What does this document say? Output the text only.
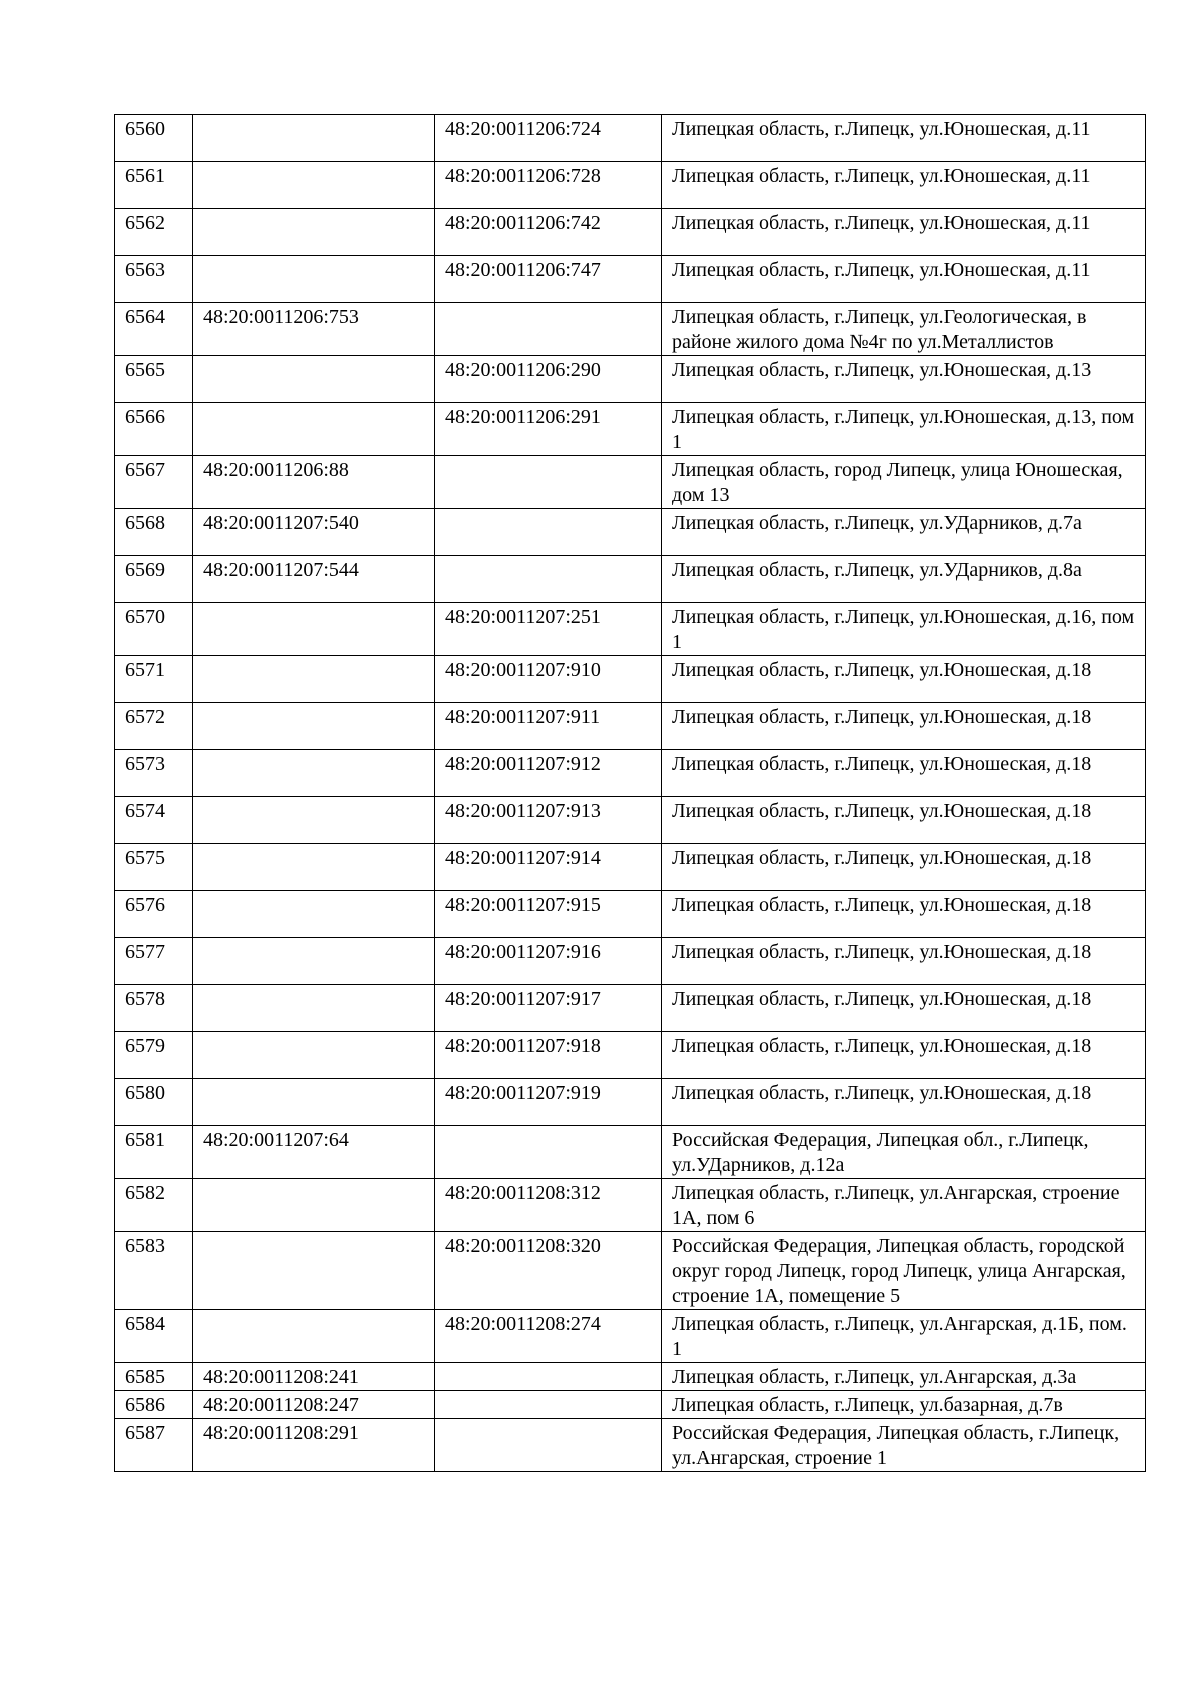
6560		48:20:0011206:724	Липецкая область, г.Липецк, ул.Юношеская, д.11
6561		48:20:0011206:728	Липецкая область, г.Липецк, ул.Юношеская, д.11
6562		48:20:0011206:742	Липецкая область, г.Липецк, ул.Юношеская, д.11
6563		48:20:0011206:747	Липецкая область, г.Липецк, ул.Юношеская, д.11
6564	48:20:0011206:753		Липецкая область, г.Липецк, ул.Геологическая, в районе жилого дома №4г по ул.Металлистов
6565		48:20:0011206:290	Липецкая область, г.Липецк, ул.Юношеская, д.13
6566		48:20:0011206:291	Липецкая область, г.Липецк, ул.Юношеская, д.13, пом 1
6567	48:20:0011206:88		Липецкая область, город Липецк, улица Юношеская, дом 13
6568	48:20:0011207:540		Липецкая область, г.Липецк, ул.УДарников, д.7а
6569	48:20:0011207:544		Липецкая область, г.Липецк, ул.УДарников, д.8а
6570		48:20:0011207:251	Липецкая область, г.Липецк, ул.Юношеская, д.16, пом 1
6571		48:20:0011207:910	Липецкая область, г.Липецк, ул.Юношеская, д.18
6572		48:20:0011207:911	Липецкая область, г.Липецк, ул.Юношеская, д.18
6573		48:20:0011207:912	Липецкая область, г.Липецк, ул.Юношеская, д.18
6574		48:20:0011207:913	Липецкая область, г.Липецк, ул.Юношеская, д.18
6575		48:20:0011207:914	Липецкая область, г.Липецк, ул.Юношеская, д.18
6576		48:20:0011207:915	Липецкая область, г.Липецк, ул.Юношеская, д.18
6577		48:20:0011207:916	Липецкая область, г.Липецк, ул.Юношеская, д.18
6578		48:20:0011207:917	Липецкая область, г.Липецк, ул.Юношеская, д.18
6579		48:20:0011207:918	Липецкая область, г.Липецк, ул.Юношеская, д.18
6580		48:20:0011207:919	Липецкая область, г.Липецк, ул.Юношеская, д.18
6581	48:20:0011207:64		Российская Федерация, Липецкая обл., г.Липецк, ул.УДарников, д.12а
6582		48:20:0011208:312	Липецкая область, г.Липецк, ул.Ангарская, строение 1А, пом 6
6583		48:20:0011208:320	Российская Федерация, Липецкая область, городской округ город Липецк, город Липецк, улица Ангарская, строение 1А, помещение 5
6584		48:20:0011208:274	Липецкая область, г.Липецк, ул.Ангарская, д.1Б, пом. 1
6585	48:20:0011208:241		Липецкая область, г.Липецк, ул.Ангарская, д.3а
6586	48:20:0011208:247		Липецкая область, г.Липецк, ул.базарная, д.7в
6587	48:20:0011208:291		Российская Федерация, Липецкая область, г.Липецк, ул.Ангарская, строение 1
